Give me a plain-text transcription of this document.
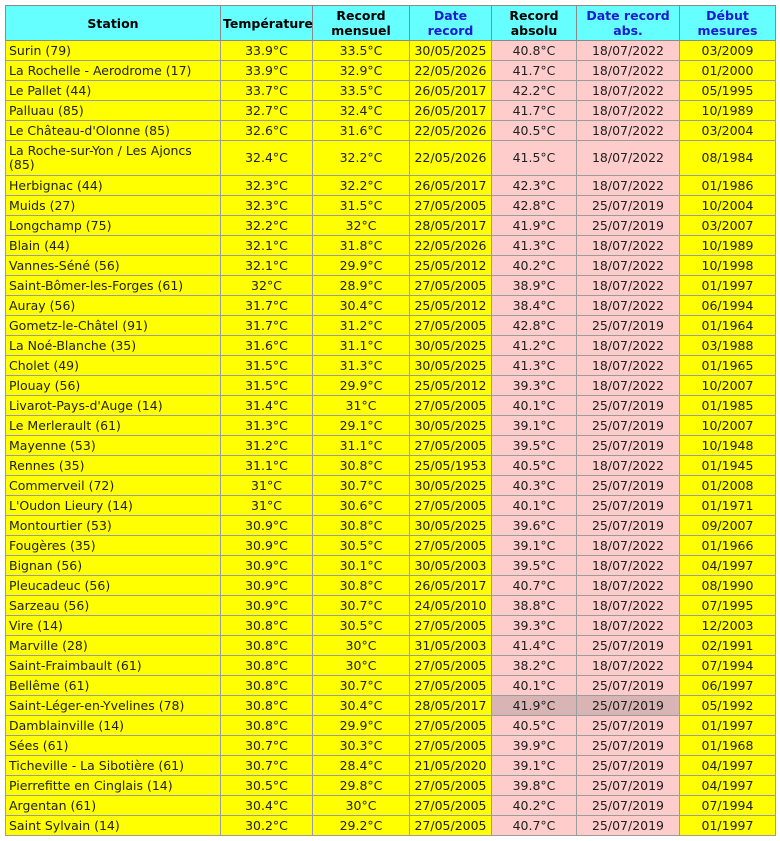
Station	Température	Record mensuel	Date record	Record absolu	Date record abs.	Début mesures
Surin (79)	33.9°C	33.5°C	30/05/2025	40.8°C	18/07/2022	03/2009
La Rochelle - Aerodrome (17)	33.9°C	32.9°C	22/05/2026	41.7°C	18/07/2022	01/2000
Le Pallet (44)	33.7°C	33.5°C	26/05/2017	42.2°C	18/07/2022	05/1995
Palluau (85)	32.7°C	32.4°C	26/05/2017	41.7°C	18/07/2022	10/1989
Le Château-d'Olonne (85)	32.6°C	31.6°C	22/05/2026	40.5°C	18/07/2022	03/2004
La Roche-sur-Yon / Les Ajoncs (85)	32.4°C	32.2°C	22/05/2026	41.5°C	18/07/2022	08/1984
Herbignac (44)	32.3°C	32.2°C	26/05/2017	42.3°C	18/07/2022	01/1986
Muids (27)	32.3°C	31.5°C	27/05/2005	42.8°C	25/07/2019	10/2004
Longchamp (75)	32.2°C	32°C	28/05/2017	41.9°C	25/07/2019	03/2007
Blain (44)	32.1°C	31.8°C	22/05/2026	41.3°C	18/07/2022	10/1989
Vannes-Séné (56)	32.1°C	29.9°C	25/05/2012	40.2°C	18/07/2022	10/1998
Saint-Bômer-les-Forges (61)	32°C	28.9°C	27/05/2005	38.9°C	18/07/2022	01/1997
Auray (56)	31.7°C	30.4°C	25/05/2012	38.4°C	18/07/2022	06/1994
Gometz-le-Châtel (91)	31.7°C	31.2°C	27/05/2005	42.8°C	25/07/2019	01/1964
La Noé-Blanche (35)	31.6°C	31.1°C	30/05/2025	41.2°C	18/07/2022	03/1988
Cholet (49)	31.5°C	31.3°C	30/05/2025	41.3°C	18/07/2022	01/1965
Plouay (56)	31.5°C	29.9°C	25/05/2012	39.3°C	18/07/2022	10/2007
Livarot-Pays-d'Auge (14)	31.4°C	31°C	27/05/2005	40.1°C	25/07/2019	01/1985
Le Merlerault (61)	31.3°C	29.1°C	30/05/2025	39.1°C	25/07/2019	10/2007
Mayenne (53)	31.2°C	31.1°C	27/05/2005	39.5°C	25/07/2019	10/1948
Rennes (35)	31.1°C	30.8°C	25/05/1953	40.5°C	18/07/2022	01/1945
Commerveil (72)	31°C	30.7°C	30/05/2025	40.3°C	25/07/2019	01/2008
L'Oudon Lieury (14)	31°C	30.6°C	27/05/2005	40.1°C	25/07/2019	01/1971
Montourtier (53)	30.9°C	30.8°C	30/05/2025	39.6°C	25/07/2019	09/2007
Fougères (35)	30.9°C	30.5°C	27/05/2005	39.1°C	18/07/2022	01/1966
Bignan (56)	30.9°C	30.1°C	30/05/2003	39.5°C	18/07/2022	04/1997
Pleucadeuc (56)	30.9°C	30.8°C	26/05/2017	40.7°C	18/07/2022	08/1990
Sarzeau (56)	30.9°C	30.7°C	24/05/2010	38.8°C	18/07/2022	07/1995
Vire (14)	30.8°C	30.5°C	27/05/2005	39.3°C	18/07/2022	12/2003
Marville (28)	30.8°C	30°C	31/05/2003	41.4°C	25/07/2019	02/1991
Saint-Fraimbault (61)	30.8°C	30°C	27/05/2005	38.2°C	18/07/2022	07/1994
Bellême (61)	30.8°C	30.7°C	27/05/2005	40.1°C	25/07/2019	06/1997
Saint-Léger-en-Yvelines (78)	30.8°C	30.4°C	28/05/2017	41.9°C	25/07/2019	05/1992
Damblainville (14)	30.8°C	29.9°C	27/05/2005	40.5°C	25/07/2019	01/1997
Sées (61)	30.7°C	30.3°C	27/05/2005	39.9°C	25/07/2019	01/1968
Ticheville - La Sibotière (61)	30.7°C	28.4°C	21/05/2020	39.1°C	25/07/2019	04/1997
Pierrefitte en Cinglais (14)	30.5°C	29.8°C	27/05/2005	39.8°C	25/07/2019	04/1997
Argentan (61)	30.4°C	30°C	27/05/2005	40.2°C	25/07/2019	07/1994
Saint Sylvain (14)	30.2°C	29.2°C	27/05/2005	40.7°C	25/07/2019	01/1997
